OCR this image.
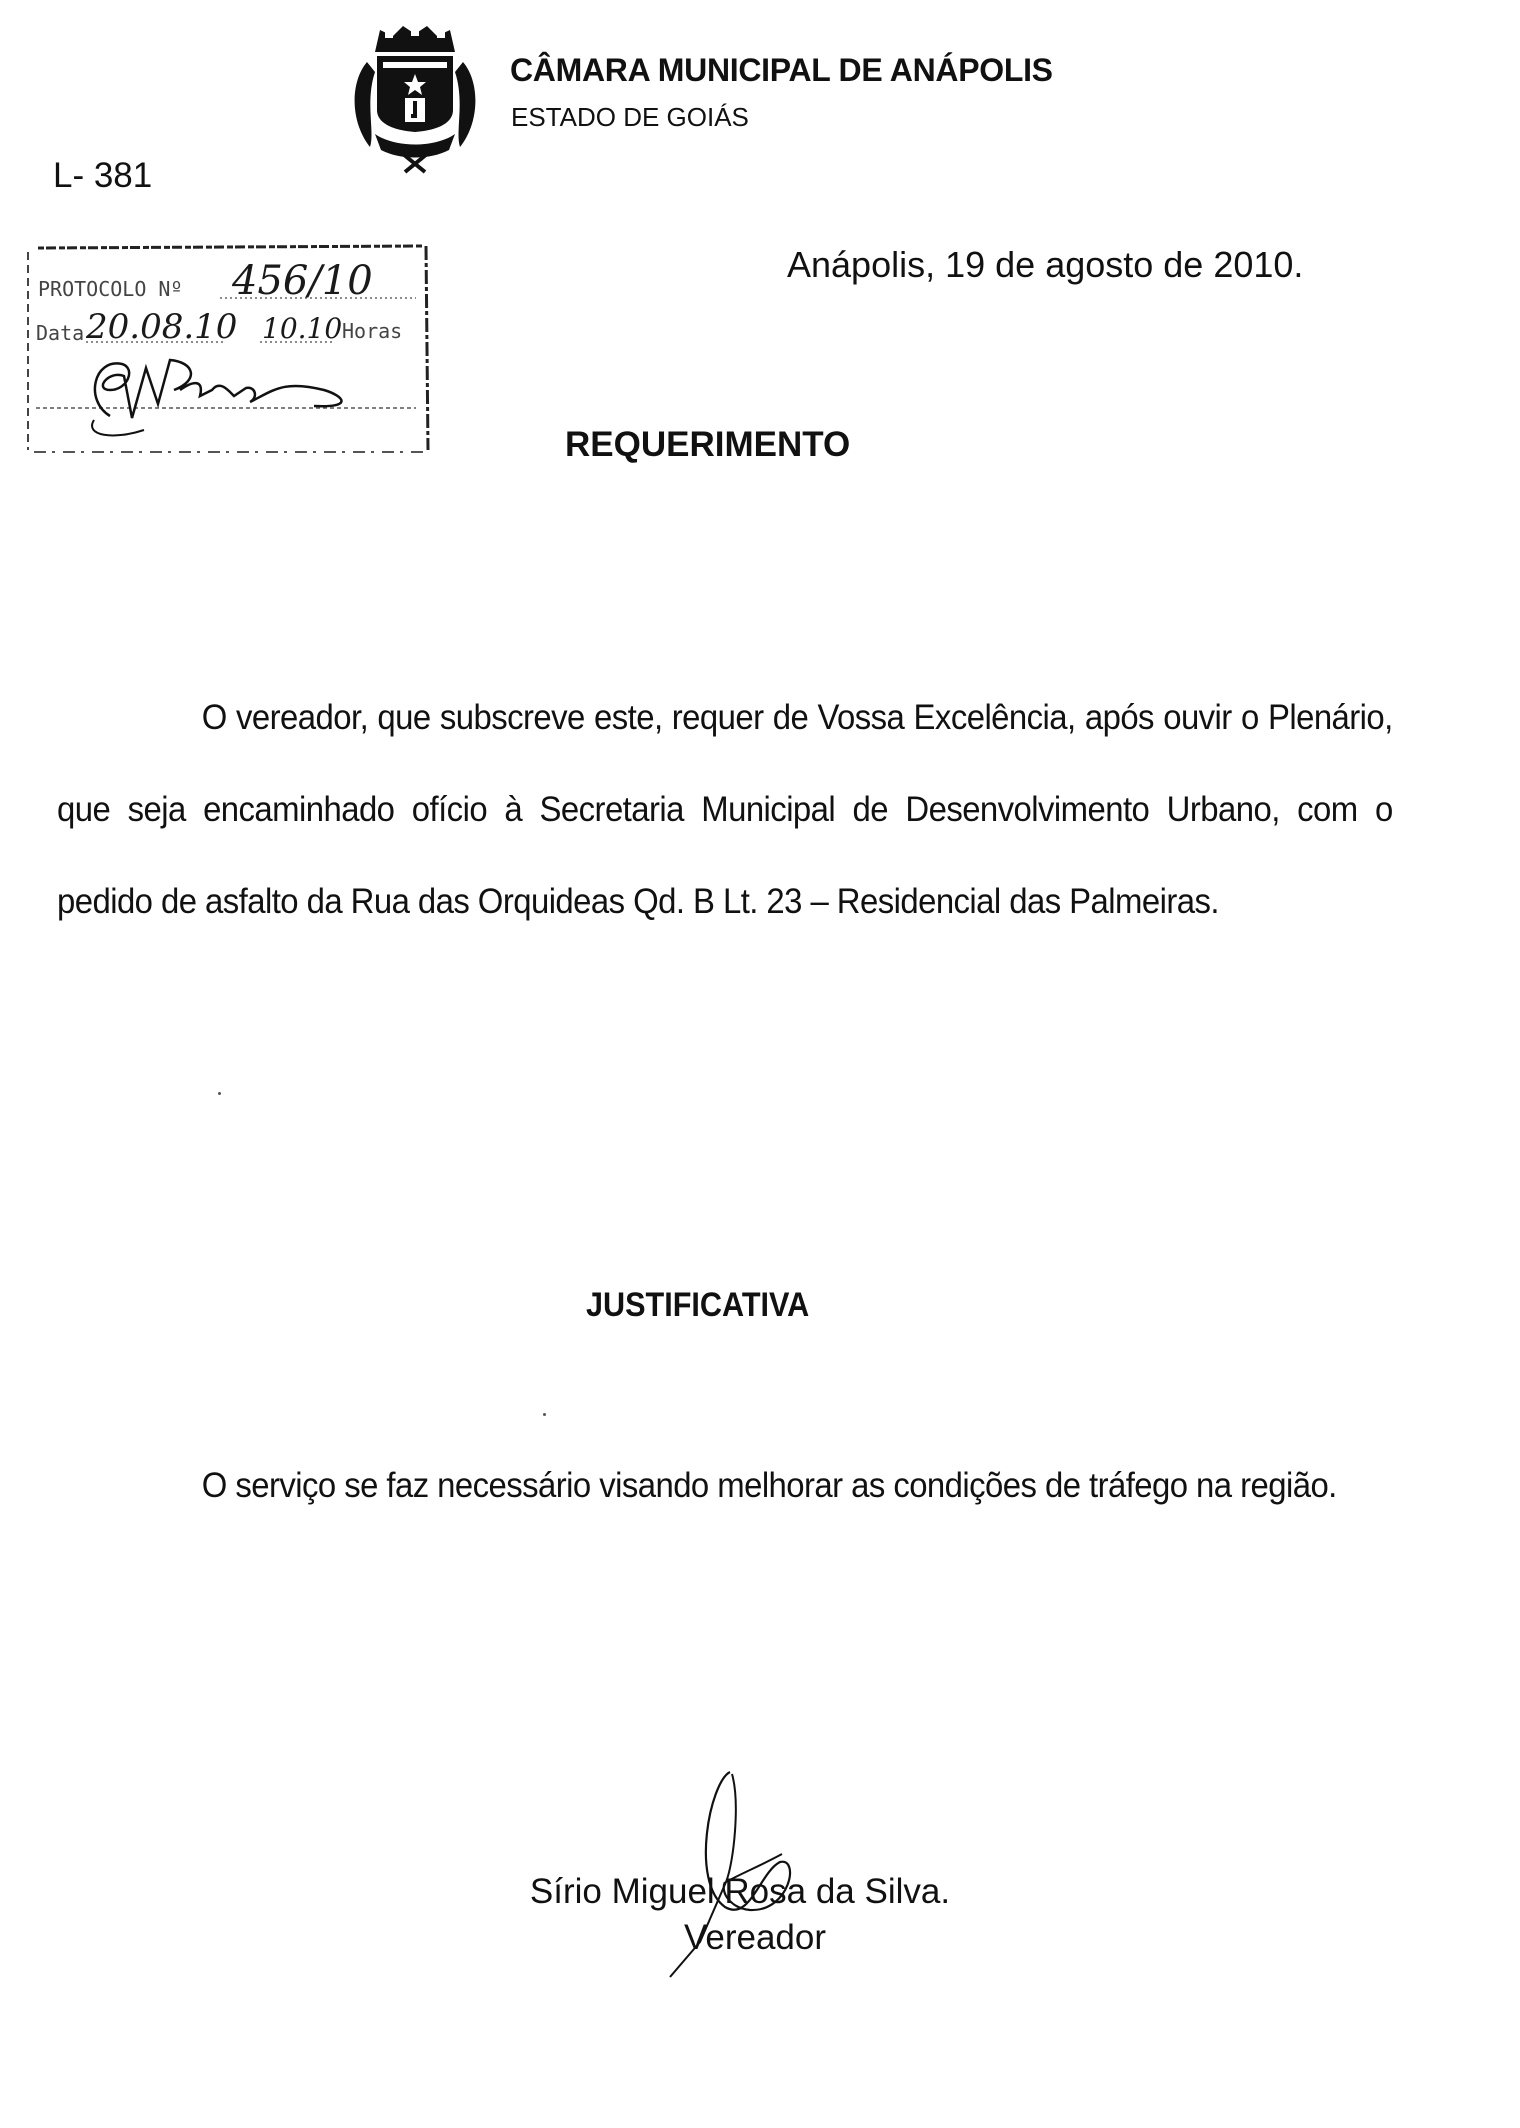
CÂMARA MUNICIPAL DE ANÁPOLIS
ESTADO DE GOIÁS
L- 381
PROTOCOLO Nº 456/10
Data 20.08.10 10.10 Horas
Anápolis, 19 de agosto de 2010.
REQUERIMENTO
O vereador, que subscreve este, requer de Vossa Excelência, após ouvir o Plenário, que seja encaminhado ofício à Secretaria Municipal de Desenvolvimento Urbano, com o pedido de asfalto da Rua das Orquideas Qd. B Lt. 23 – Residencial das Palmeiras.
JUSTIFICATIVA
O serviço se faz necessário visando melhorar as condições de tráfego na região.
Sírio Miguel Rosa da Silva.
Vereador
